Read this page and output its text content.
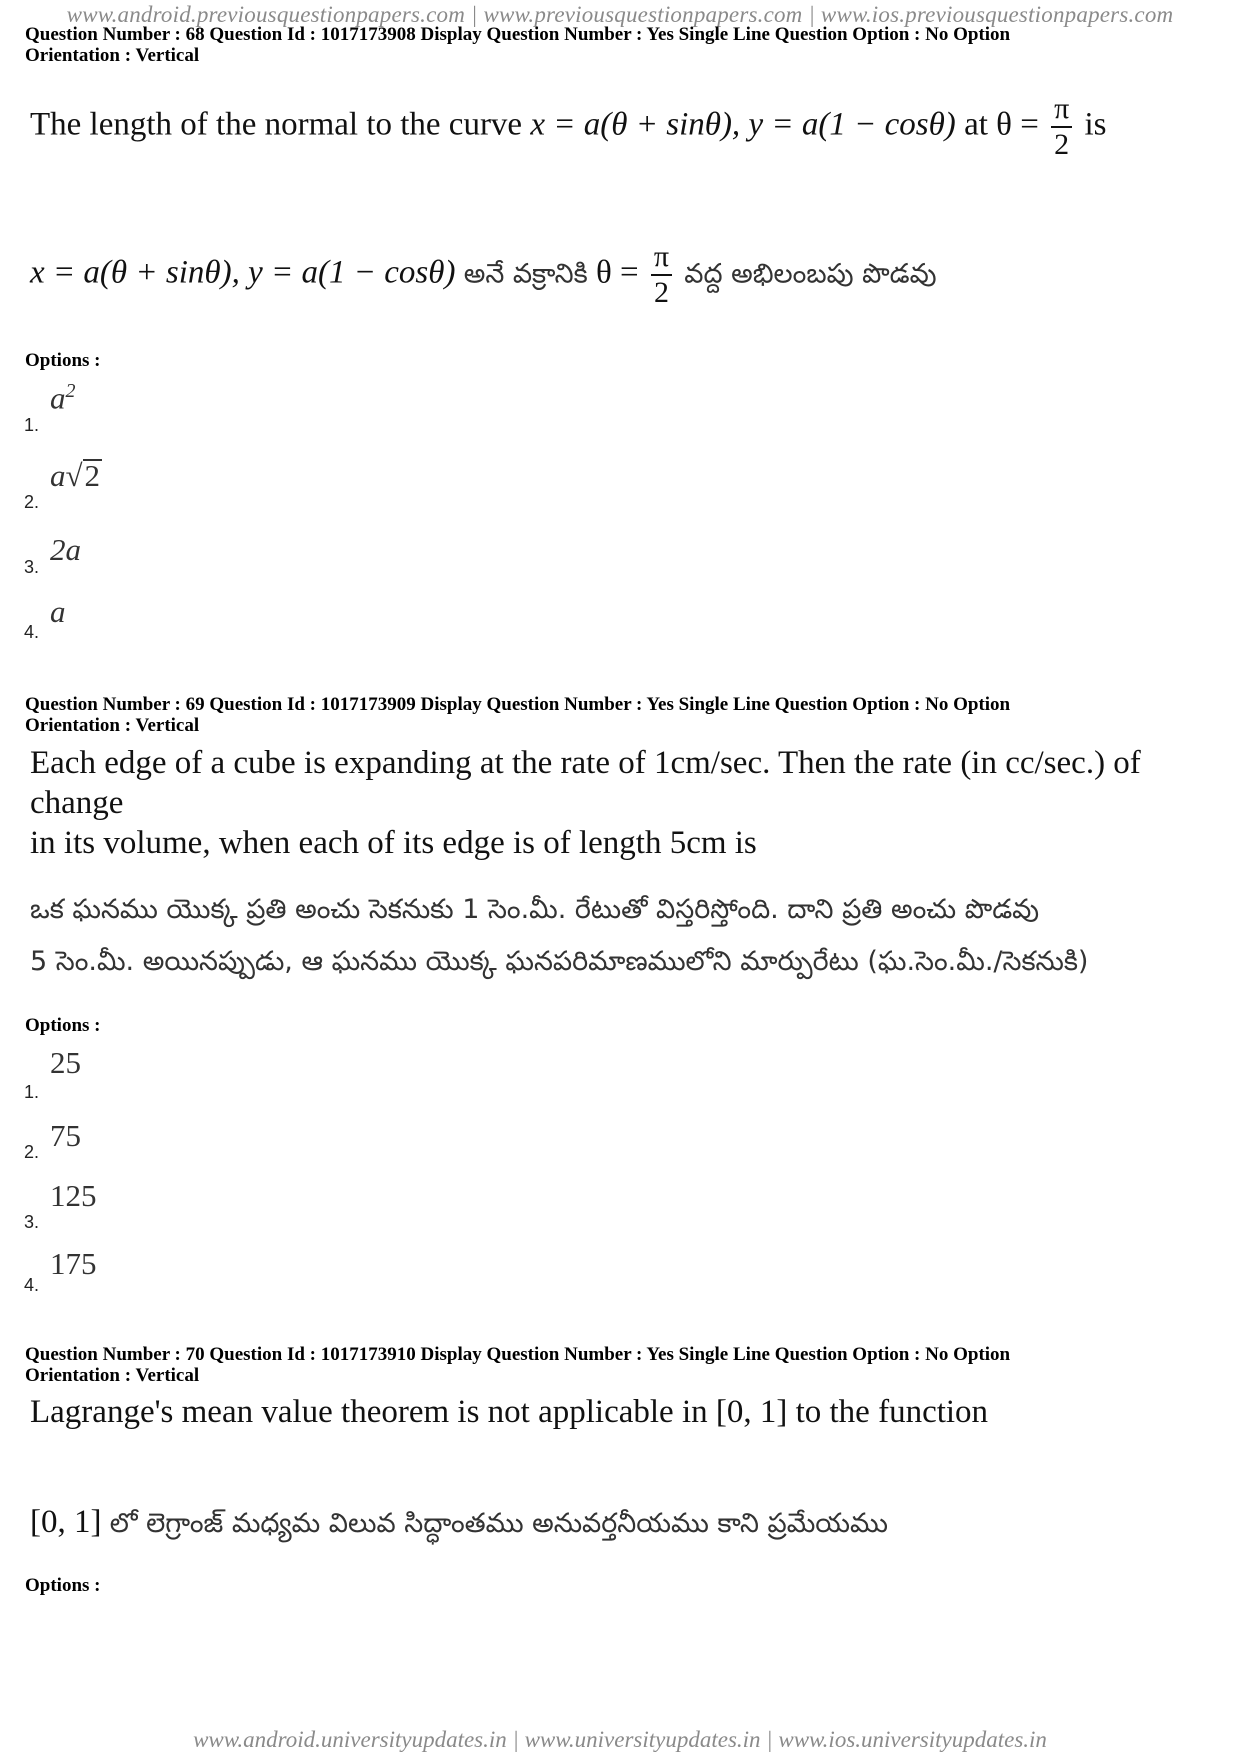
www.android.previousquestionpapers.com | www.previousquestionpapers.com | www.ios.previousquestionpapers.com
Question Number : 68 Question Id : 1017173908 Display Question Number : Yes Single Line Question Option : No Option
Orientation : Vertical
The length of the normal to the curve x = a(θ + sinθ), y = a(1 − cosθ) at $\theta = \frac{\pi}{2}$ is
x = a(θ + sinθ), y = a(1 − cosθ) అనే వక్రానికి $\theta = \frac{\pi}{2}$ వద్ద అభిలంబపు పొడవు
Options :
$a^2$
1.
a√2
2.
2a
3.
a
4.
Question Number : 69 Question Id : 1017173909 Display Question Number : Yes Single Line Question Option : No Option
Orientation : Vertical
Each edge of a cube is expanding at the rate of 1cm/sec. Then the rate (in cc/sec.) of change
in its volume, when each of its edge is of length 5cm is
ఒక ఘనము యొక్క ప్రతి అంచు సెకనుకు 1 సెం.మీ. రేటుతో విస్తరిస్తోంది. దాని ప్రతి అంచు పొడవు
5 సెం.మీ. అయినప్పుడు, ఆ ఘనము యొక్క ఘనపరిమాణములోని మార్పురేటు (ఘ.సెం.మీ./సెకనుకి)
Options :
25
1.
75
2.
125
3.
175
4.
Question Number : 70 Question Id : 1017173910 Display Question Number : Yes Single Line Question Option : No Option
Orientation : Vertical
Lagrange's mean value theorem is not applicable in [0, 1] to the function
[0, 1] లో లెగ్రాంజ్ మధ్యమ విలువ సిద్ధాంతము అనువర్తనీయము కాని ప్రమేయము
Options :
www.android.universityupdates.in | www.universityupdates.in | www.ios.universityupdates.in
